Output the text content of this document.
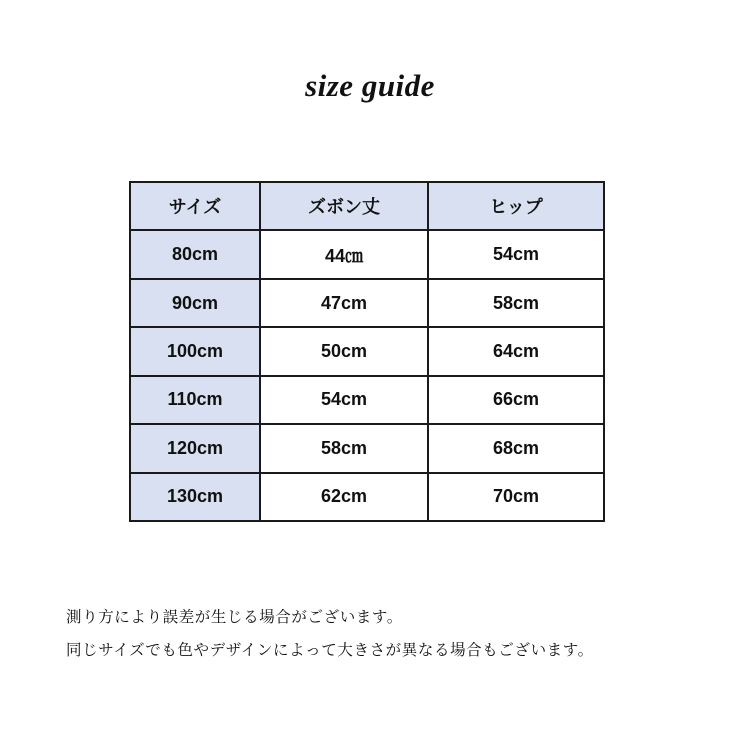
size guide
サイズ	ズボン丈	ヒップ
80cm	44㎝	54cm
90cm	47cm	58cm
100cm	50cm	64cm
110cm	54cm	66cm
120cm	58cm	68cm
130cm	62cm	70cm
測り方により誤差が生じる場合がございます。
同じサイズでも色やデザインによって大きさが異なる場合もございます。
